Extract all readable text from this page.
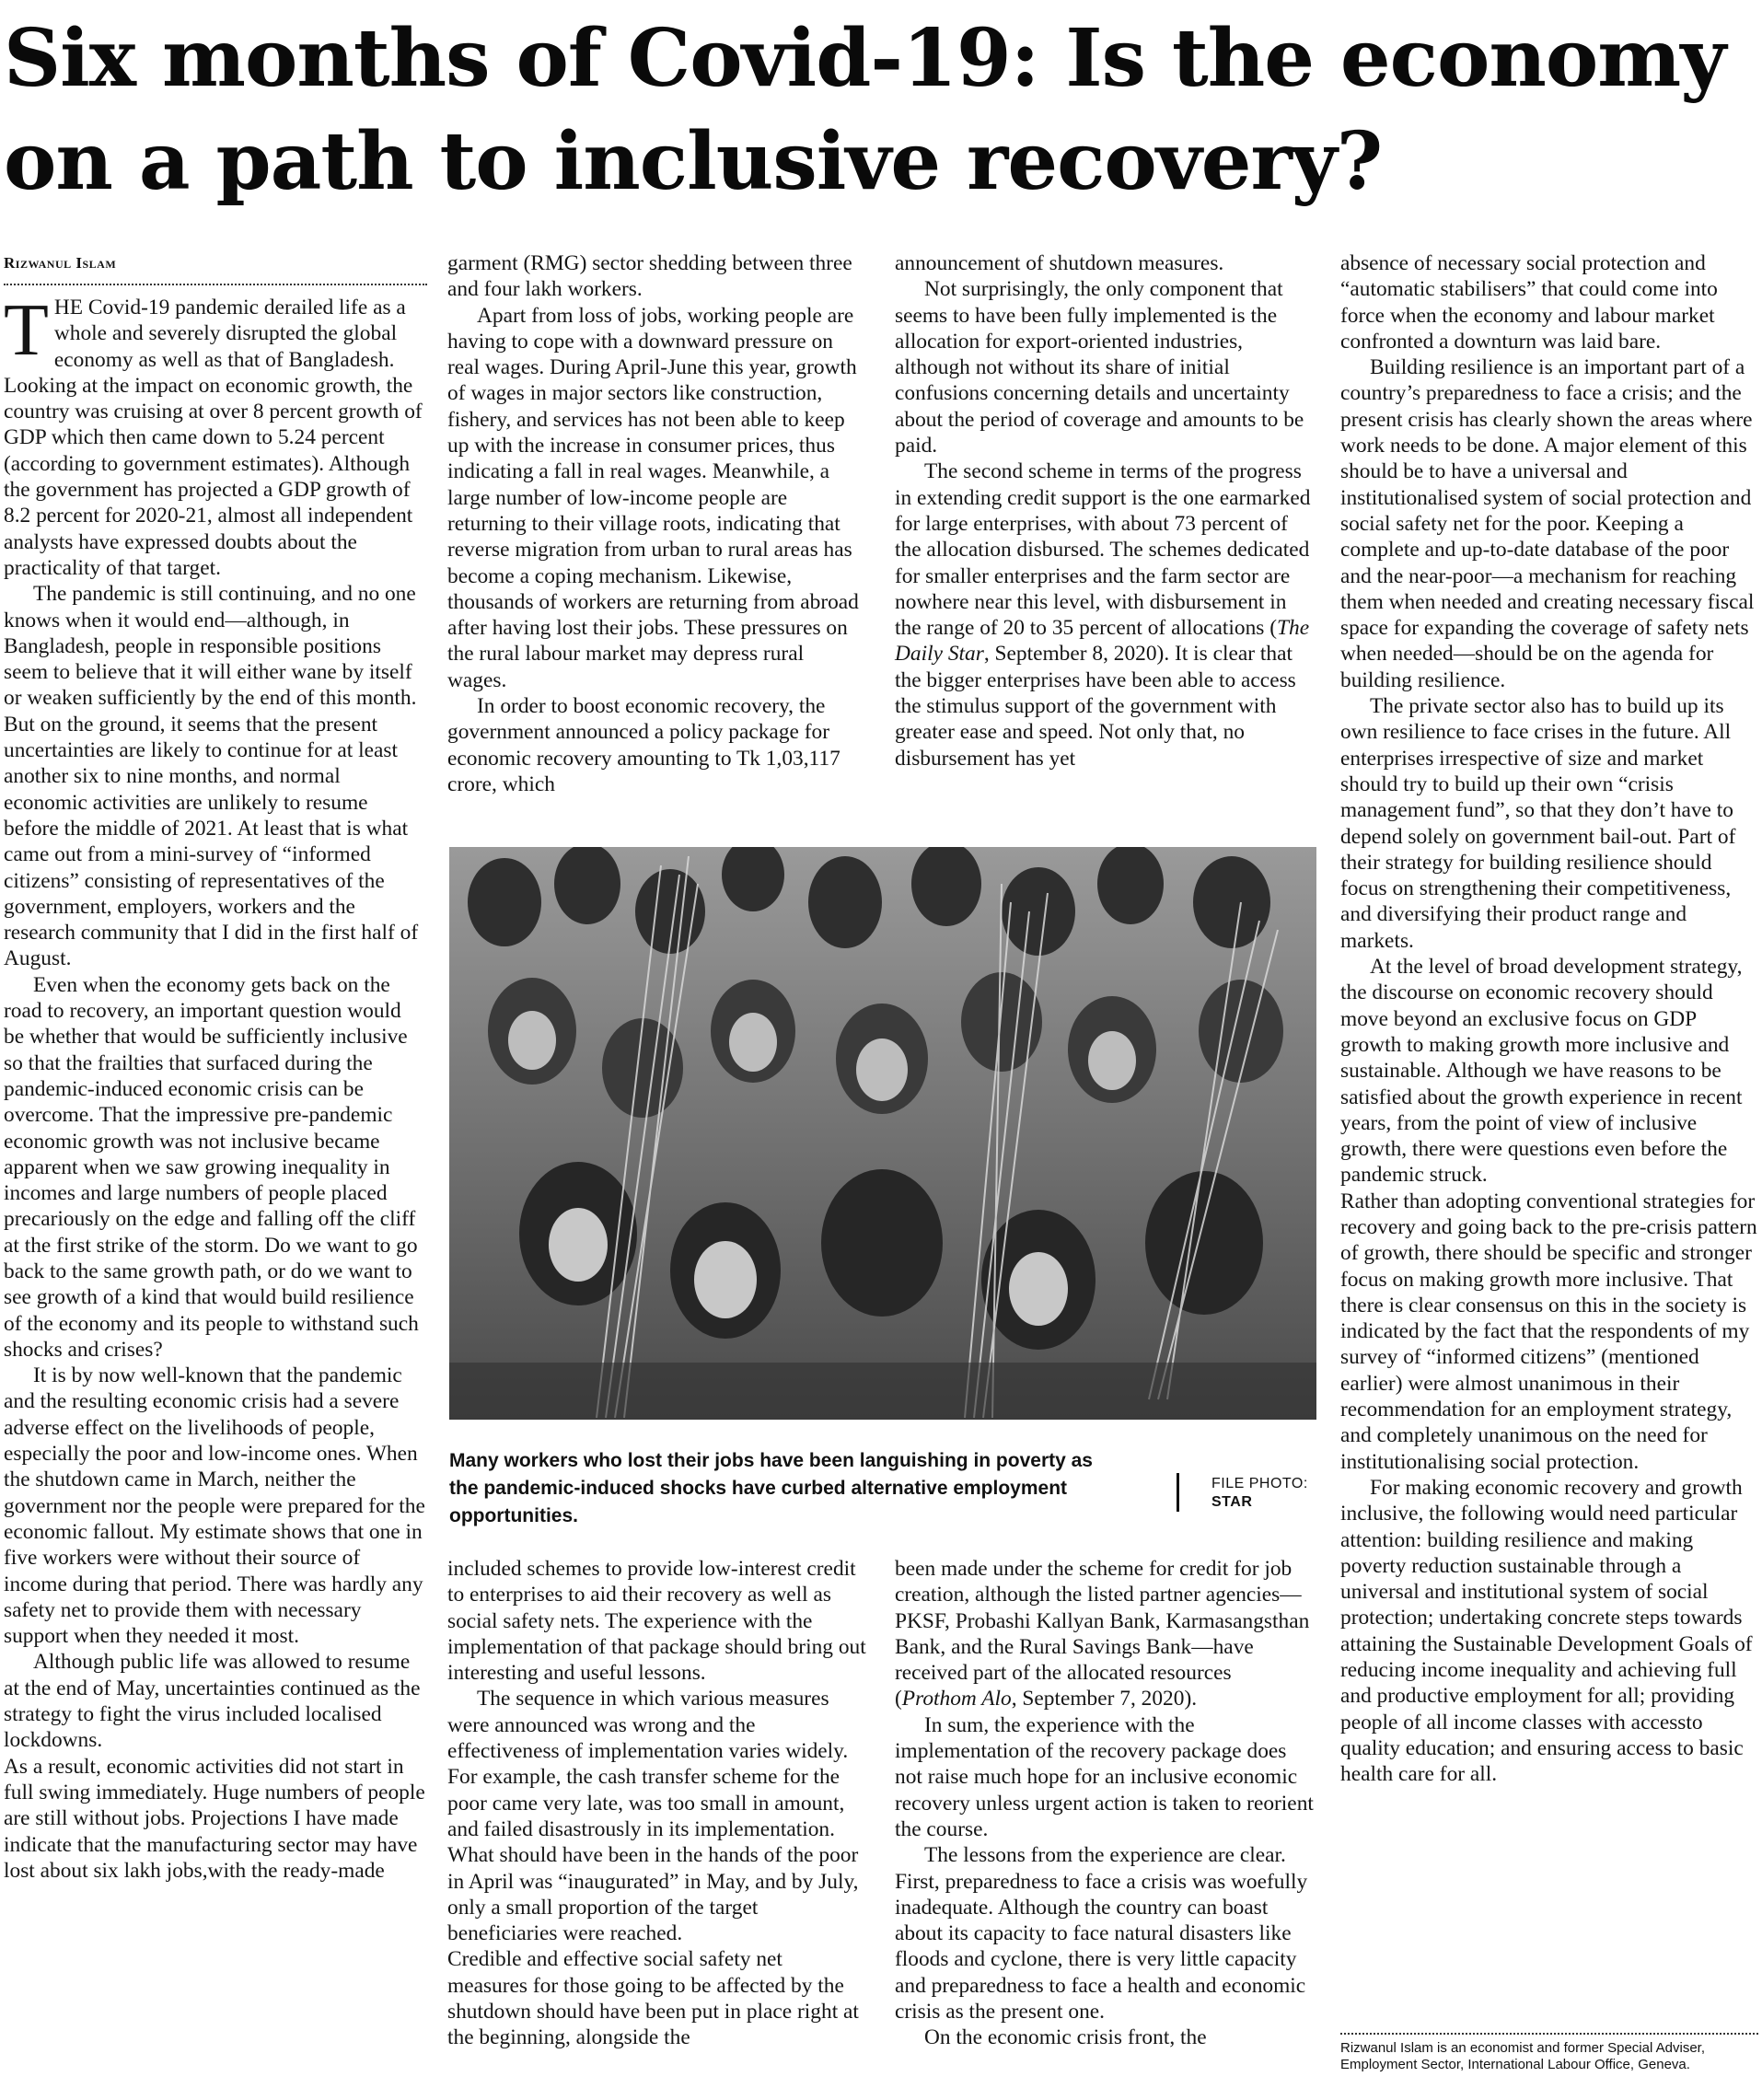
Six months of Covid-19: Is the economy
on a path to inclusive recovery?
Rizwanul Islam

THE Covid-19 pandemic derailed life as a whole and severely disrupted the global economy as well as that of Bangladesh. Looking at the impact on economic growth, the country was cruising at over 8 percent growth of GDP which then came down to 5.24 percent (according to government estimates). Although the government has projected a GDP growth of 8.2 percent for 2020-21, almost all independent analysts have expressed doubts about the practicality of that target.

The pandemic is still continuing, and no one knows when it would end—although, in Bangladesh, people in responsible positions seem to believe that it will either wane by itself or weaken sufficiently by the end of this month. But on the ground, it seems that the present uncertainties are likely to continue for at least another six to nine months, and normal economic activities are unlikely to resume before the middle of 2021. At least that is what came out from a mini-survey of “informed citizens” consisting of representatives of the government, employers, workers and the research community that I did in the first half of August.

Even when the economy gets back on the road to recovery, an important question would be whether that would be sufficiently inclusive so that the frailties that surfaced during the pandemic-induced economic crisis can be overcome. That the impressive pre-pandemic economic growth was not inclusive became apparent when we saw growing inequality in incomes and large numbers of people placed precariously on the edge and falling off the cliff at the first strike of the storm. Do we want to go back to the same growth path, or do we want to see growth of a kind that would build resilience of the economy and its people to withstand such shocks and crises?

It is by now well-known that the pandemic and the resulting economic crisis had a severe adverse effect on the livelihoods of people, especially the poor and low-income ones. When the shutdown came in March, neither the government nor the people were prepared for the economic fallout. My estimate shows that one in five workers were without their source of income during that period. There was hardly any safety net to provide them with necessary support when they needed it most.

Although public life was allowed to resume at the end of May, uncertainties continued as the strategy to fight the virus included localised lockdowns.

As a result, economic activities did not start in full swing immediately. Huge numbers of people are still without jobs. Projections I have made indicate that the manufacturing sector may have lost about six lakh jobs,with the ready-made

garment (RMG) sector shedding between three and four lakh workers.

Apart from loss of jobs, working people are having to cope with a downward pressure on real wages. During April-June this year, growth of wages in major sectors like construction, fishery, and services has not been able to keep up with the increase in consumer prices, thus indicating a fall in real wages. Meanwhile, a large number of low-income people are returning to their village roots, indicating that reverse migration from urban to rural areas has become a coping mechanism. Likewise, thousands of workers are returning from abroad after having lost their jobs. These pressures on the rural labour market may depress rural wages.

In order to boost economic recovery, the government announced a policy package for economic recovery amounting to Tk 1,03,117 crore, which

announcement of shutdown measures.

Not surprisingly, the only component that seems to have been fully implemented is the allocation for export-oriented industries, although not without its share of initial confusions concerning details and uncertainty about the period of coverage and amounts to be paid.

The second scheme in terms of the progress in extending credit support is the one earmarked for large enterprises, with about 73 percent of the allocation disbursed. The schemes dedicated for smaller enterprises and the farm sector are nowhere near this level, with disbursement in the range of 20 to 35 percent of allocations (The Daily Star, September 8, 2020). It is clear that the bigger enterprises have been able to access the stimulus support of the government with greater ease and speed. Not only that, no disbursement has yet

Many workers who lost their jobs have been languishing in poverty as the pandemic-induced shocks have curbed alternative employment opportunities.
FILE PHOTO:
STAR

included schemes to provide low-interest credit to enterprises to aid their recovery as well as social safety nets. The experience with the implementation of that package should bring out interesting and useful lessons.

The sequence in which various measures were announced was wrong and the effectiveness of implementation varies widely. For example, the cash transfer scheme for the poor came very late, was too small in amount, and failed disastrously in its implementation. What should have been in the hands of the poor in April was “inaugurated” in May, and by July, only a small proportion of the target beneficiaries were reached.

Credible and effective social safety net measures for those going to be affected by the shutdown should have been put in place right at the beginning, alongside the

been made under the scheme for credit for job creation, although the listed partner agencies—PKSF, Probashi Kallyan Bank, Karmasangsthan Bank, and the Rural Savings Bank—have received part of the allocated resources (Prothom Alo, September 7, 2020).

In sum, the experience with the implementation of the recovery package does not raise much hope for an inclusive economic recovery unless urgent action is taken to reorient the course.

The lessons from the experience are clear. First, preparedness to face a crisis was woefully inadequate. Although the country can boast about its capacity to face natural disasters like floods and cyclone, there is very little capacity and preparedness to face a health and economic crisis as the present one.

On the economic crisis front, the

absence of necessary social protection and “automatic stabilisers” that could come into force when the economy and labour market confronted a downturn was laid bare.

Building resilience is an important part of a country’s preparedness to face a crisis; and the present crisis has clearly shown the areas where work needs to be done. A major element of this should be to have a universal and institutionalised system of social protection and social safety net for the poor. Keeping a complete and up-to-date database of the poor and the near-poor—a mechanism for reaching them when needed and creating necessary fiscal space for expanding the coverage of safety nets when needed—should be on the agenda for building resilience.

The private sector also has to build up its own resilience to face crises in the future. All enterprises irrespective of size and market should try to build up their own “crisis management fund”, so that they don’t have to depend solely on government bail-out. Part of their strategy for building resilience should focus on strengthening their competitiveness, and diversifying their product range and markets.

At the level of broad development strategy, the discourse on economic recovery should move beyond an exclusive focus on GDP growth to making growth more inclusive and sustainable. Although we have reasons to be satisfied about the growth experience in recent years, from the point of view of inclusive growth, there were questions even before the pandemic struck.

Rather than adopting conventional strategies for recovery and going back to the pre-crisis pattern of growth, there should be specific and stronger focus on making growth more inclusive. That there is clear consensus on this in the society is indicated by the fact that the respondents of my survey of “informed citizens” (mentioned earlier) were almost unanimous in their recommendation for an employment strategy, and completely unanimous on the need for institutionalising social protection.

For making economic recovery and growth inclusive, the following would need particular attention: building resilience and making poverty reduction sustainable through a universal and institutional system of social protection; undertaking concrete steps towards attaining the Sustainable Development Goals of reducing income inequality and achieving full and productive employment for all; providing people of all income classes with accessto quality education; and ensuring access to basic health care for all.

Rizwanul Islam is an economist and former Special Adviser, Employment Sector, International Labour Office, Geneva.
